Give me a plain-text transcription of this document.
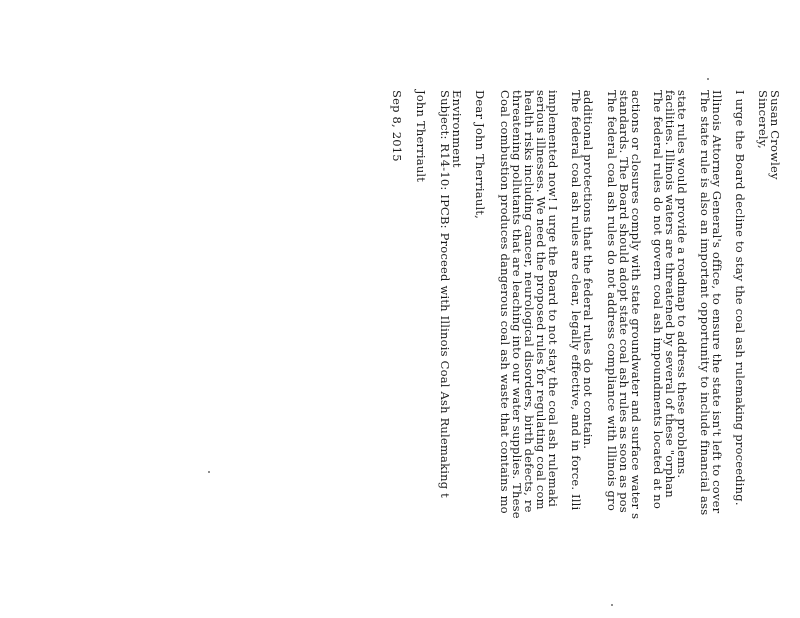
Sep 8, 2015 John Therriault Subject: R14-10: IPCB: Proceed with Illinois Coal Ash Rulemaking t
Environment Dear John Therriault, Coal combustion produces dangerous coal ash waste that contains mo
threatening pollutants that are leaching into our water supplies. These
health risks including cancer, neurological disorders, birth defects, re
serious illnesses. We need the proposed rules for regulating coal com
implemented now! I urge the Board to not stay the coal ash rulemaki The federal coal ash rules are clear, legally effective, and in force. Illi
additional protections that the federal rules do not contain. The federal coal ash rules do not address compliance with Illinois gro
standards. The Board should adopt state coal ash rules as soon as pos
actions or closures comply with state groundwater and surface water s The federal rules do not govern coal ash impoundments located at no
facilities. Illinois waters are threatened by several of these "orphan
state rules would provide a roadmap to address these problems. The state rule is also an important opportunity to include financial ass
Illinois Attorney General's office, to ensure the state isn't left to cover I urge the Board decline to stay the coal ash rulemaking proceeding. Sincerely,
Susan Crowley
